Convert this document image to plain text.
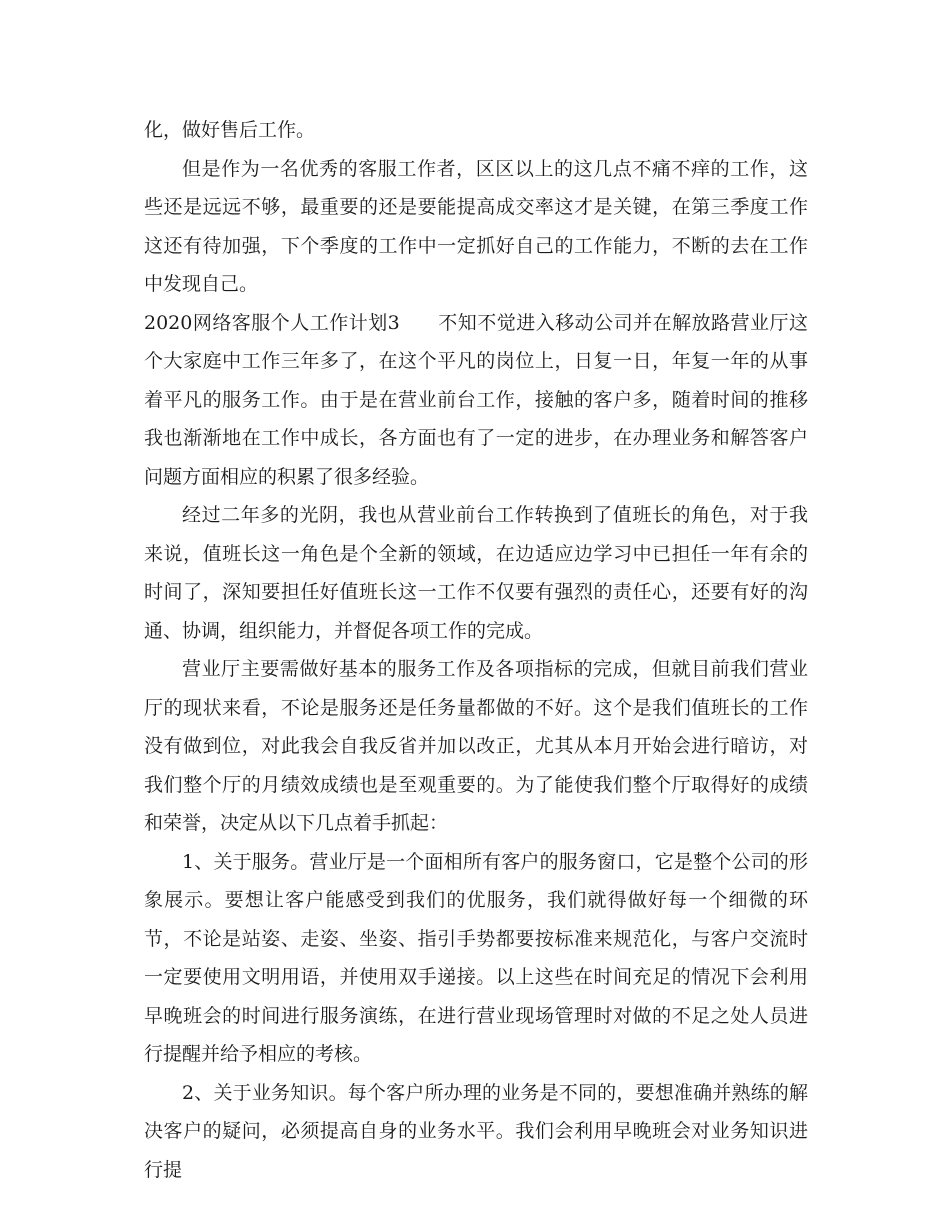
化，做好售后工作。

但是作为一名优秀的客服工作者，区区以上的这几点不痛不痒的工作，这些还是远远不够，最重要的还是要能提高成交率这才是关键，在第三季度工作这还有待加强，下个季度的工作中一定抓好自己的工作能力，不断的去在工作中发现自己。

2020网络客服个人工作计划3 不知不觉进入移动公司并在解放路营业厅这个大家庭中工作三年多了，在这个平凡的岗位上，日复一日，年复一年的从事着平凡的服务工作。由于是在营业前台工作，接触的客户多，随着时间的推移我也渐渐地在工作中成长，各方面也有了一定的进步，在办理业务和解答客户问题方面相应的积累了很多经验。

经过二年多的光阴，我也从营业前台工作转换到了值班长的角色，对于我来说，值班长这一角色是个全新的领域，在边适应边学习中已担任一年有余的时间了，深知要担任好值班长这一工作不仅要有强烈的责任心，还要有好的沟通、协调，组织能力，并督促各项工作的完成。

营业厅主要需做好基本的服务工作及各项指标的完成，但就目前我们营业厅的现状来看，不论是服务还是任务量都做的不好。这个是我们值班长的工作没有做到位，对此我会自我反省并加以改正，尤其从本月开始会进行暗访，对我们整个厅的月绩效成绩也是至观重要的。为了能使我们整个厅取得好的成绩和荣誉，决定从以下几点着手抓起：

1、关于服务。营业厅是一个面相所有客户的服务窗口，它是整个公司的形象展示。要想让客户能感受到我们的优服务，我们就得做好每一个细微的环节，不论是站姿、走姿、坐姿、指引手势都要按标准来规范化，与客户交流时一定要使用文明用语，并使用双手递接。以上这些在时间充足的情况下会利用早晚班会的时间进行服务演练，在进行营业现场管理时对做的不足之处人员进行提醒并给予相应的考核。

2、关于业务知识。每个客户所办理的业务是不同的，要想准确并熟练的解决客户的疑问，必须提高自身的业务水平。我们会利用早晚班会对业务知识进行提
